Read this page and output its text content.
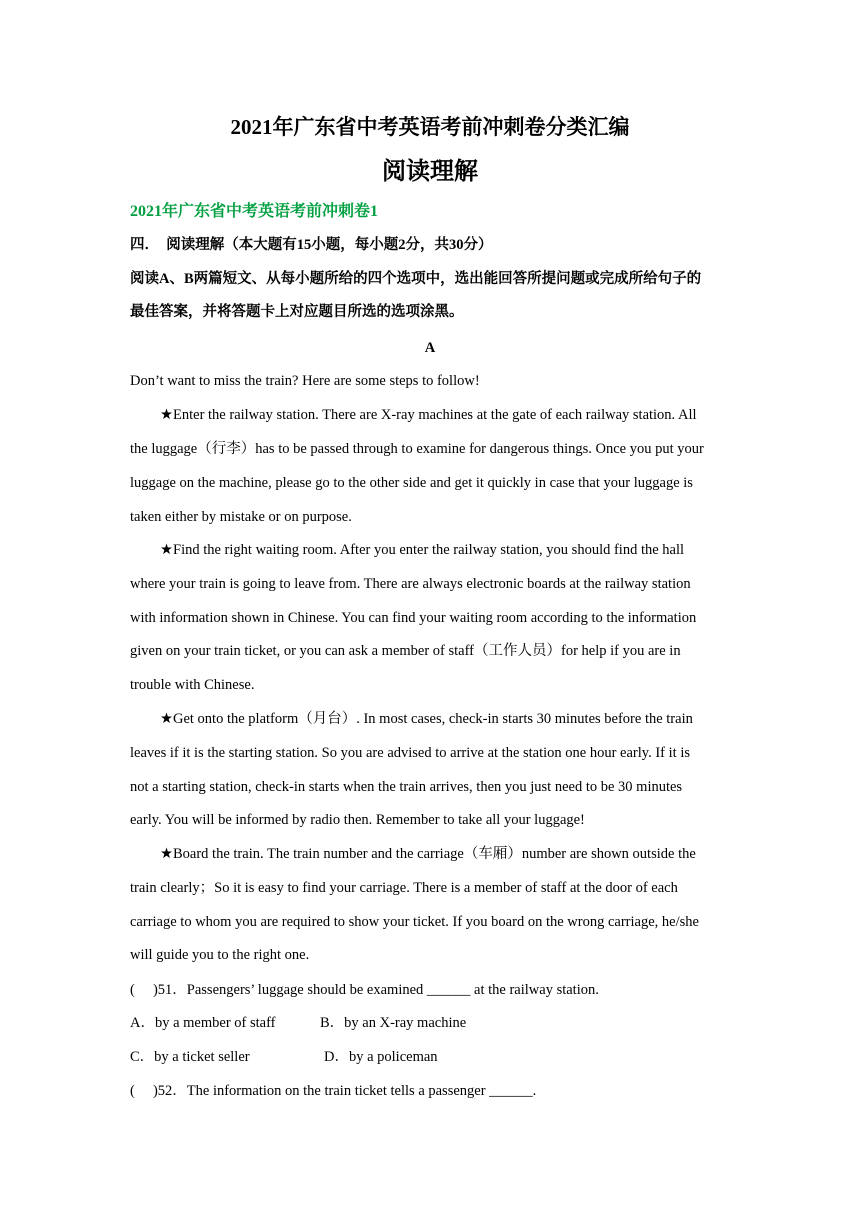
2021年广东省中考英语考前冲刺卷分类汇编
阅读理解
2021年广东省中考英语考前冲刺卷1
四．　阅读理解（本大题有15小题，每小题2分，共30分）
阅读A、B两篇短文、从每小题所给的四个选项中，选出能回答所提问题或完成所给句子的
最佳答案，并将答题卡上对应题目所选的选项涂黑。
A
Don’t want to miss the train? Here are some steps to follow!
★Enter the railway station. There are X-ray machines at the gate of each railway station. All
the luggage（行李）has to be passed through to examine for dangerous things. Once you put your
luggage on the machine, please go to the other side and get it quickly in case that your luggage is
taken either by mistake or on purpose.
★Find the right waiting room. After you enter the railway station, you should find the hall
where your train is going to leave from. There are always electronic boards at the railway station
with information shown in Chinese. You can find your waiting room according to the information
given on your train ticket, or you can ask a member of staff（工作人员）for help if you are in
trouble with Chinese.
★Get onto the platform（月台）. In most cases, check-in starts 30 minutes before the train
leaves if it is the starting station. So you are advised to arrive at the station one hour early. If it is
not a starting station, check-in starts when the train arrives, then you just need to be 30 minutes
early. You will be informed by radio then. Remember to take all your luggage!
★Board the train. The train number and the carriage（车厢）number are shown outside the
train clearly；So it is easy to find your carriage. There is a member of staff at the door of each
carriage to whom you are required to show your ticket. If you board on the wrong carriage, he/she
will guide you to the right one.
(　 )51．Passengers’ luggage should be examined ______ at the railway station.
A．by a member of staff	B．by an X-ray machine
C．by a ticket seller	D．by a policeman
(　 )52．The information on the train ticket tells a passenger ______.
